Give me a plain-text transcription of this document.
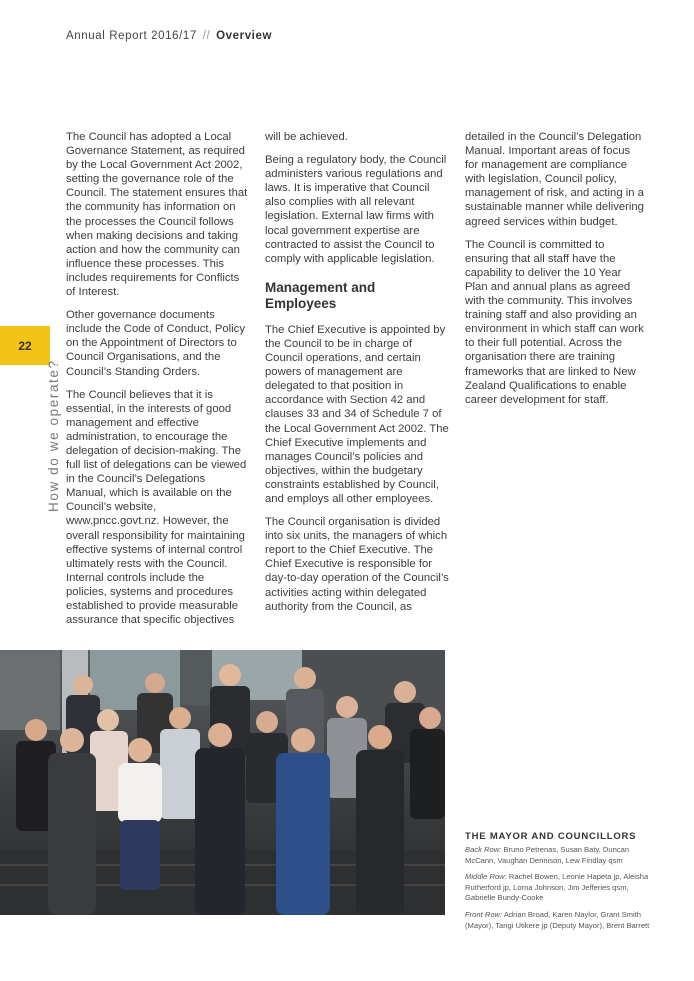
Annual Report 2016/17 // Overview
22
How do we operate?

The Council has adopted a Local Governance Statement, as required by the Local Government Act 2002, setting the governance role of the Council. The statement ensures that the community has information on the processes the Council follows when making decisions and taking action and how the community can influence these processes. This includes requirements for Conflicts of Interest.

Other governance documents include the Code of Conduct, Policy on the Appointment of Directors to Council Organisations, and the Council’s Standing Orders.

The Council believes that it is essential, in the interests of good management and effective administration, to encourage the delegation of decision-making. The full list of delegations can be viewed in the Council’s Delegations Manual, which is available on the Council’s website, www.pncc.govt.nz. However, the overall responsibility for maintaining effective systems of internal control ultimately rests with the Council. Internal controls include the policies, systems and procedures established to provide measurable assurance that specific objectives

will be achieved.

Being a regulatory body, the Council administers various regulations and laws. It is imperative that Council also complies with all relevant legislation. External law firms with local government expertise are contracted to assist the Council to comply with applicable legislation.

Management and Employees

The Chief Executive is appointed by the Council to be in charge of Council operations, and certain powers of management are delegated to that position in accordance with Section 42 and clauses 33 and 34 of Schedule 7 of the Local Government Act 2002. The Chief Executive implements and manages Council’s policies and objectives, within the budgetary constraints established by Council, and employs all other employees.

The Council organisation is divided into six units, the managers of which report to the Chief Executive. The Chief Executive is responsible for day-to-day operation of the Council’s activities acting within delegated authority from the Council, as

detailed in the Council’s Delegation Manual. Important areas of focus for management are compliance with legislation, Council policy, management of risk, and acting in a sustainable manner while delivering agreed services within budget.

The Council is committed to ensuring that all staff have the capability to deliver the 10 Year Plan and annual plans as agreed with the community. This involves training staff and also providing an environment in which staff can work to their full potential. Across the organisation there are training frameworks that are linked to New Zealand Qualifications to enable career development for staff.

THE MAYOR AND COUNCILLORS

Back Row: Bruno Petrenas, Susan Baty, Duncan McCann, Vaughan Dennison, Lew Findlay qsm

Middle Row: Rachel Bowen, Leonie Hapeta jp, Aleisha Rutherford jp, Lorna Johnson, Jim Jefferies qsm, Gabrielle Bundy-Cooke

Front Row: Adrian Broad, Karen Naylor, Grant Smith (Mayor), Tangi Utikere jp (Deputy Mayor), Brent Barrett
